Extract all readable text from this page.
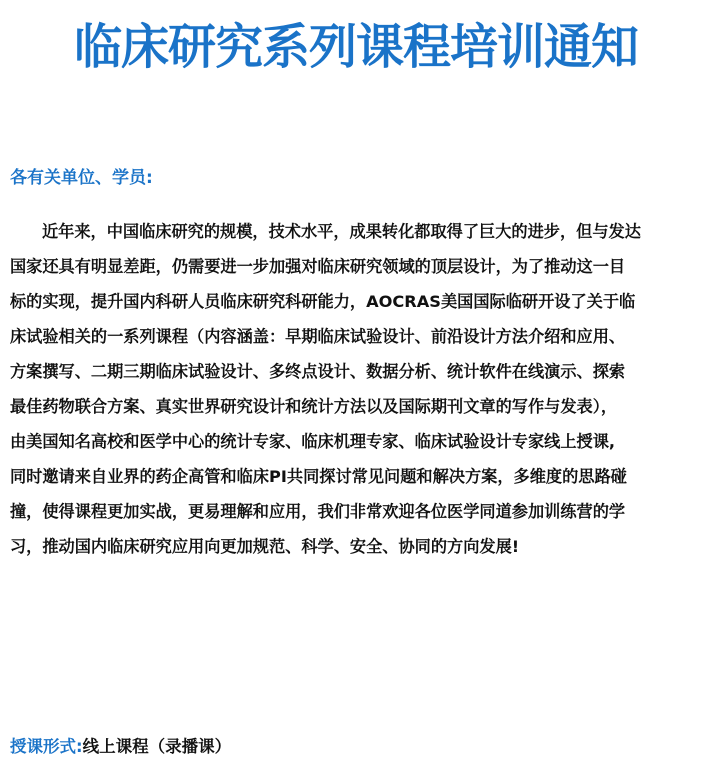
临床研究系列课程培训通知
各有关单位、学员:
近年来，中国临床研究的规模，技术水平，成果转化都取得了巨大的进步，但与发达
国家还具有明显差距，仍需要进一步加强对临床研究领域的顶层设计，为了推动这一目
标的实现，提升国内科研人员临床研究科研能力，AOCRAS美国国际临研开设了关于临
床试验相关的一系列课程（内容涵盖：早期临床试验设计、前沿设计方法介绍和应用、
方案撰写、二期三期临床试验设计、多终点设计、数据分析、统计软件在线演示、探索
最佳药物联合方案、真实世界研究设计和统计方法以及国际期刊文章的写作与发表），
由美国知名高校和医学中心的统计专家、临床机理专家、临床试验设计专家线上授课,
同时邀请来自业界的药企高管和临床PI共同探讨常见问题和解决方案，多维度的思路碰
撞，使得课程更加实战，更易理解和应用，我们非常欢迎各位医学同道参加训练营的学
习，推动国内临床研究应用向更加规范、科学、安全、协同的方向发展!
授课形式:线上课程（录播课）
